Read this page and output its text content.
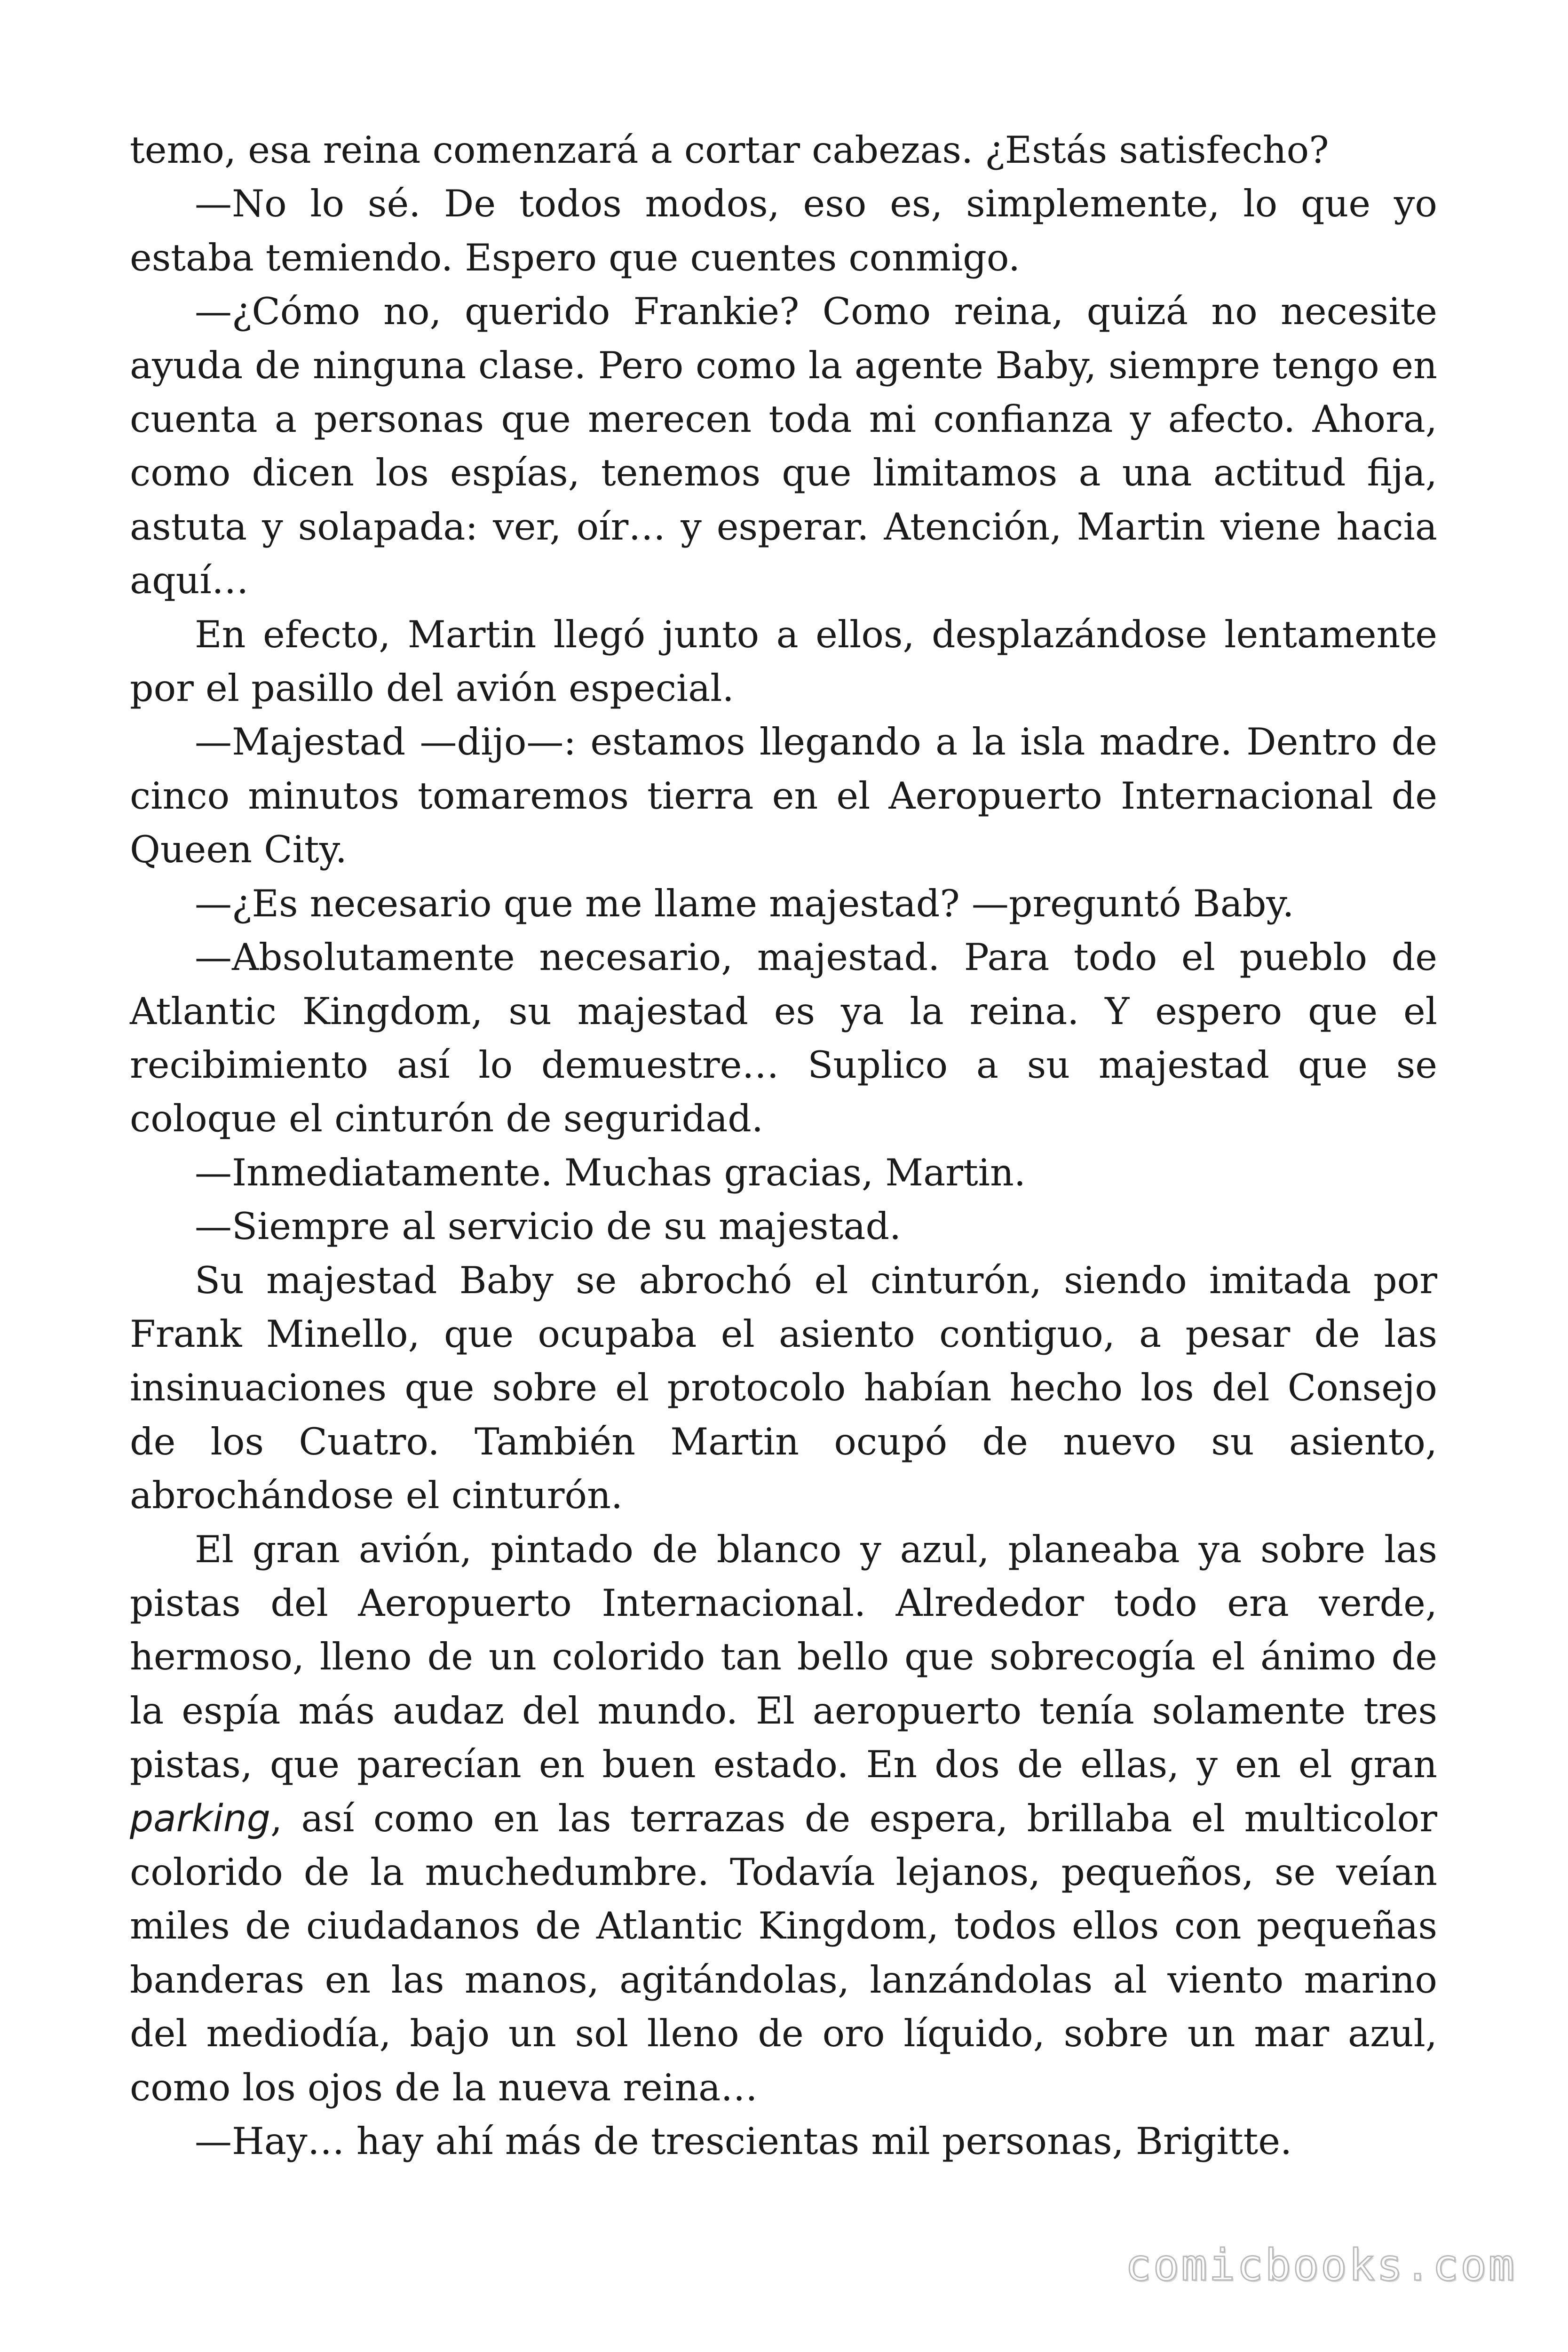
temo, esa reina comenzará a cortar cabezas. ¿Estás satisfecho?

—No lo sé. De todos modos, eso es, simplemente, lo que yo estaba temiendo. Espero que cuentes conmigo.

—¿Cómo no, querido Frankie? Como reina, quizá no necesite ayuda de ninguna clase. Pero como la agente Baby, siempre tengo en cuenta a personas que merecen toda mi confianza y afecto. Ahora, como dicen los espías, tenemos que limitamos a una actitud fija, astuta y solapada: ver, oír… y esperar. Atención, Martin viene hacia aquí…

En efecto, Martin llegó junto a ellos, desplazándose lentamente por el pasillo del avión especial.

—Majestad —dijo—: estamos llegando a la isla madre. Dentro de cinco minutos tomaremos tierra en el Aeropuerto Internacional de Queen City.

—¿Es necesario que me llame majestad? —preguntó Baby.

—Absolutamente necesario, majestad. Para todo el pueblo de Atlantic Kingdom, su majestad es ya la reina. Y espero que el recibimiento así lo demuestre… Suplico a su majestad que se coloque el cinturón de seguridad.

—Inmediatamente. Muchas gracias, Martin.

—Siempre al servicio de su majestad.

Su majestad Baby se abrochó el cinturón, siendo imitada por Frank Minello, que ocupaba el asiento contiguo, a pesar de las insinuaciones que sobre el protocolo habían hecho los del Consejo de los Cuatro. También Martin ocupó de nuevo su asiento, abrochándose el cinturón.

El gran avión, pintado de blanco y azul, planeaba ya sobre las pistas del Aeropuerto Internacional. Alrededor todo era verde, hermoso, lleno de un colorido tan bello que sobrecogía el ánimo de la espía más audaz del mundo. El aeropuerto tenía solamente tres pistas, que parecían en buen estado. En dos de ellas, y en el gran parking, así como en las terrazas de espera, brillaba el multicolor colorido de la muchedumbre. Todavía lejanos, pequeños, se veían miles de ciudadanos de Atlantic Kingdom, todos ellos con pequeñas banderas en las manos, agitándolas, lanzándolas al viento marino del mediodía, bajo un sol lleno de oro líquido, sobre un mar azul, como los ojos de la nueva reina…

—Hay… hay ahí más de trescientas mil personas, Brigitte.

comicbooks.com
